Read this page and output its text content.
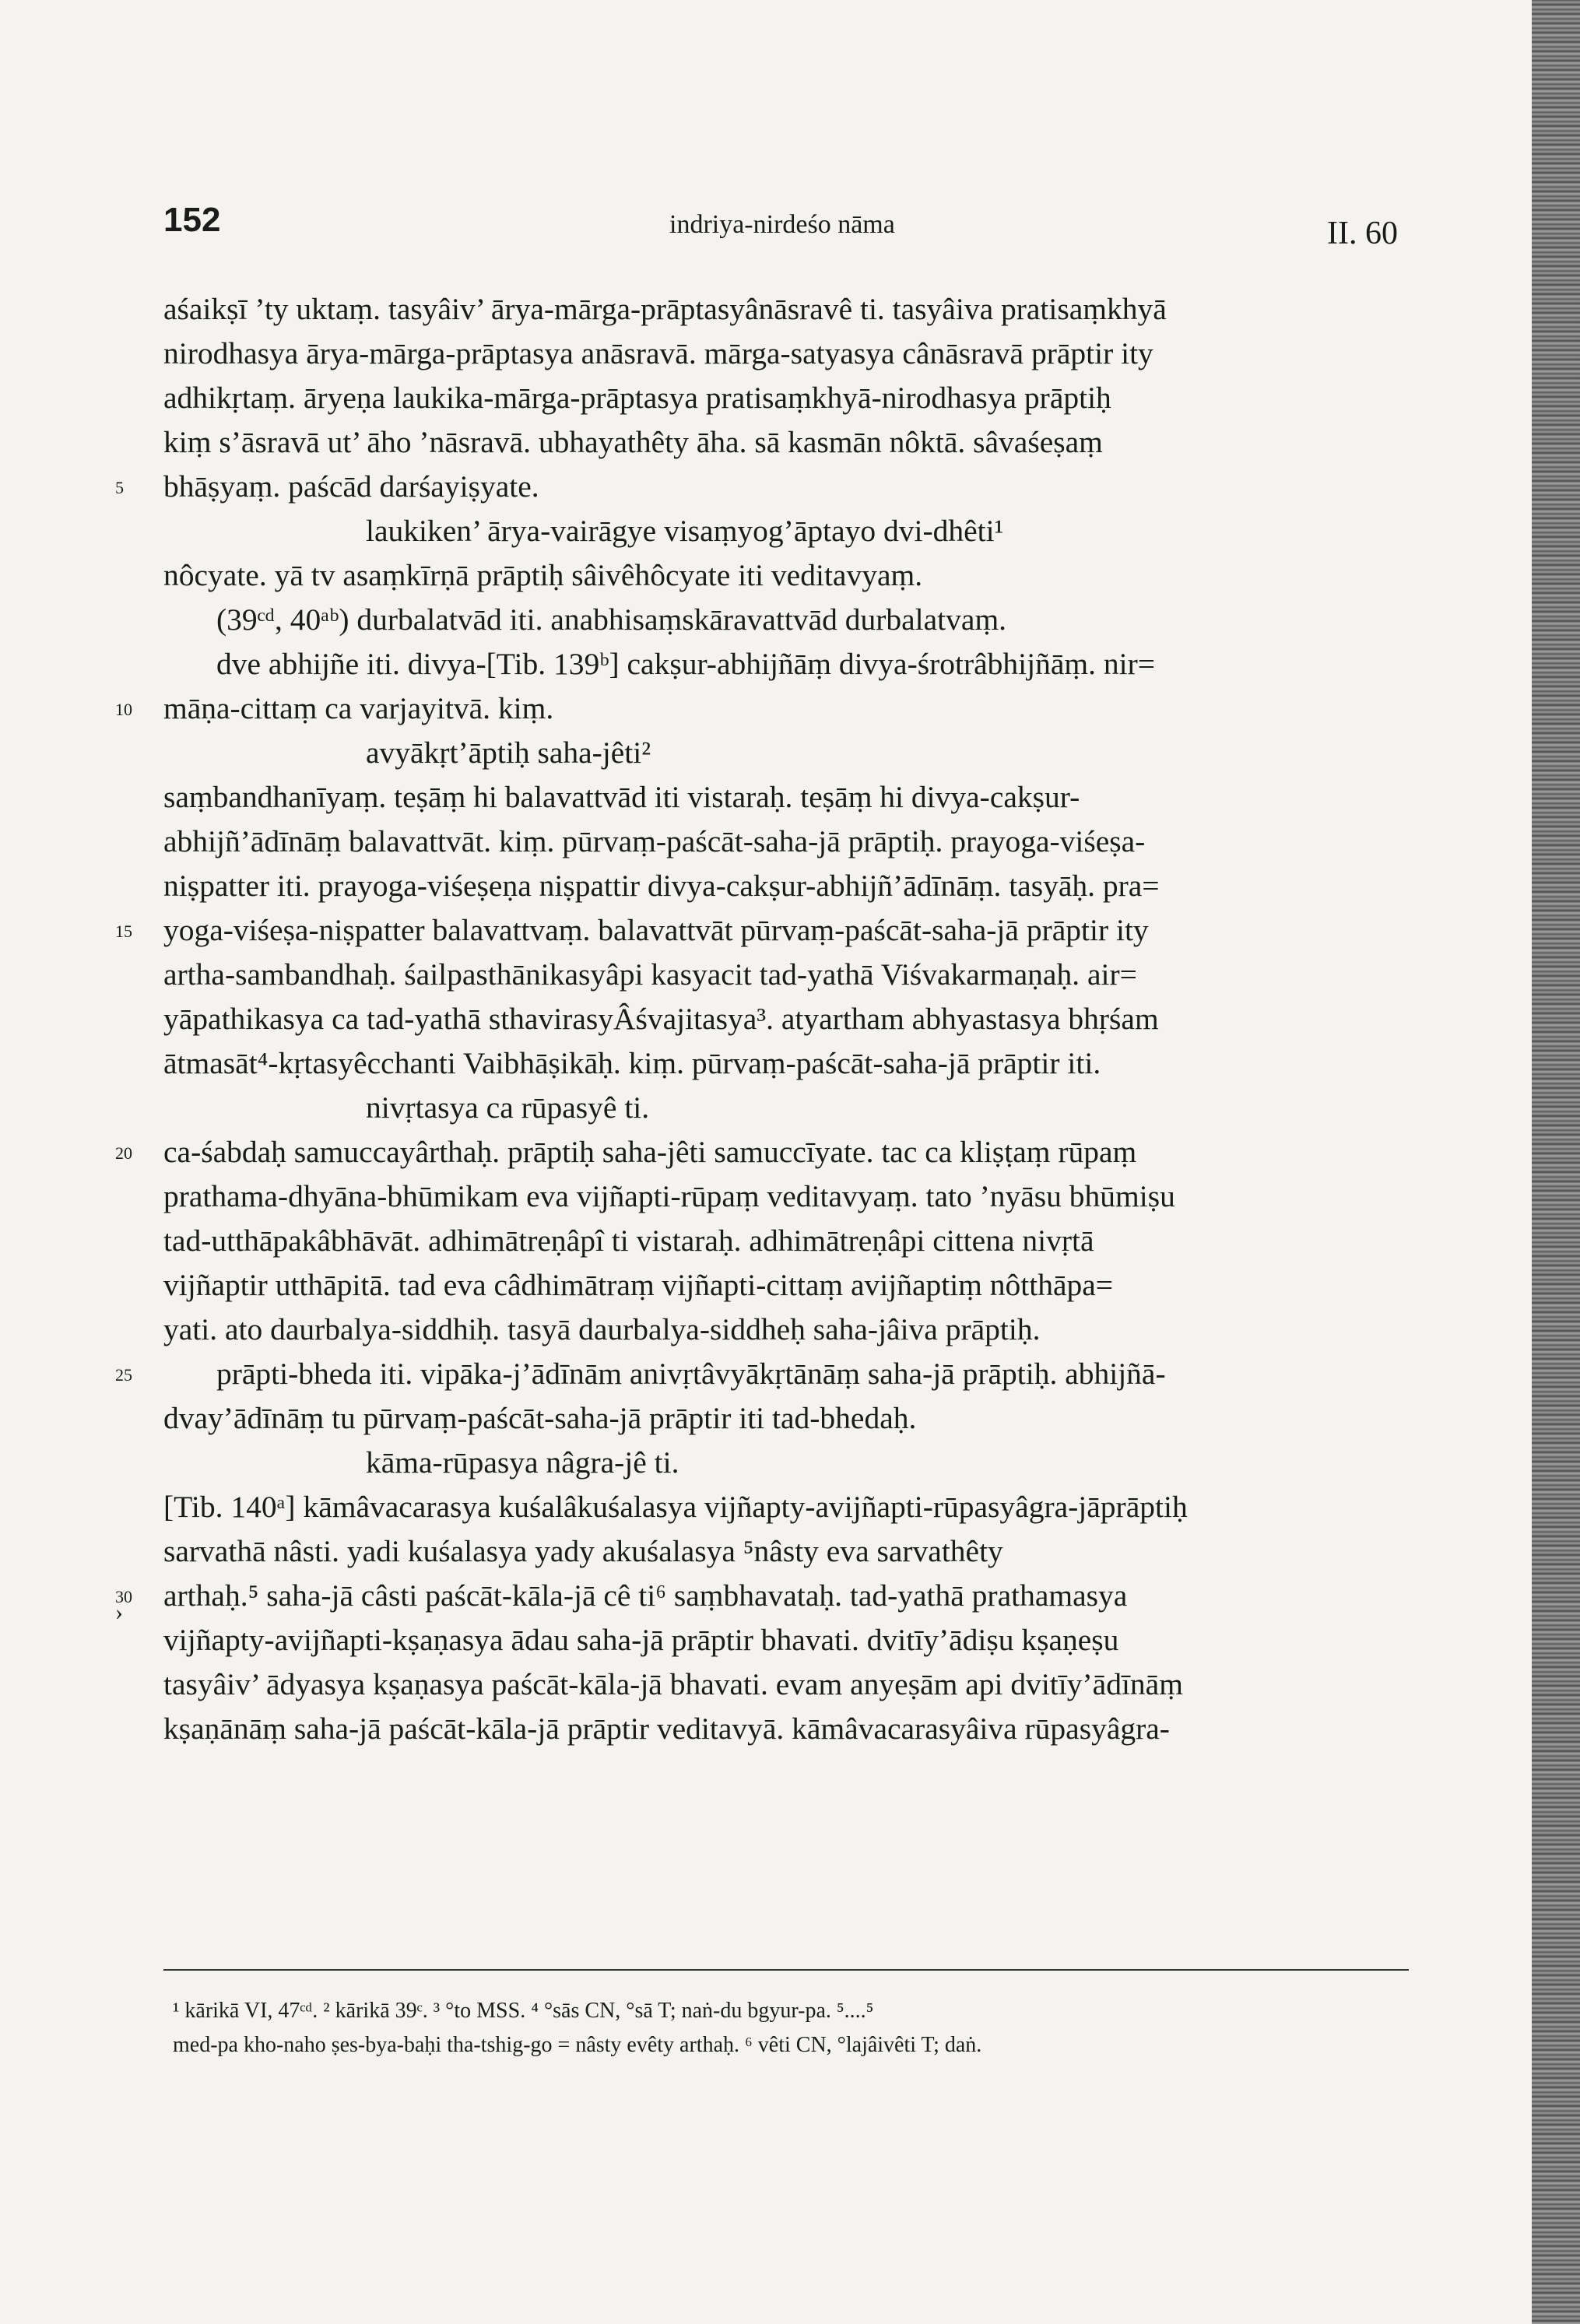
152	indriya-nirdeśo nāma	II. 60
aśaikṣī ’ty uktaṃ. tasyâiv’ ārya-mārga-prāptasyânāsravê ti. tasyâiva pratisaṃkhyā
nirodhasya ārya-mārga-prāptasya anāsravā. mārga-satyasya cânāsravā prāptir ity
adhikṛtaṃ. āryeṇa laukika-mārga-prāptasya pratisaṃkhyā-nirodhasya prāptiḥ
kiṃ s’āsravā ut’ āho ’nāsravā. ubhayathêty āha. sā kasmān nôktā. sâvaśeṣaṃ
bhāṣyaṃ. paścād darśayiṣyate.
laukiken’ ārya-vairāgye visaṃyog’āptayo dvi-dhêti¹
nôcyate. yā tv asaṃkīrṇā prāptiḥ sâivêhôcyate iti veditavyaṃ.
(39ᶜᵈ, 40ᵃᵇ) durbalatvād iti. anabhisaṃskāravattvād durbalatvaṃ.
dve abhijñe iti. divya-[Tib. 139ᵇ] cakṣur-abhijñāṃ divya-śrotrâbhijñāṃ. nir=
māṇa-cittaṃ ca varjayitvā. kiṃ.
avyākṛt’āptiḥ saha-jêti²
saṃbandhanīyaṃ. teṣāṃ hi balavattvād iti vistaraḥ. teṣāṃ hi divya-cakṣur-
abhijñ’ādīnāṃ balavattvāt. kiṃ. pūrvaṃ-paścāt-saha-jā prāptiḥ. prayoga-viśeṣa-
niṣpatter iti. prayoga-viśeṣeṇa niṣpattir divya-cakṣur-abhijñ’ādīnāṃ. tasyāḥ. pra=
yoga-viśeṣa-niṣpatter balavattvaṃ. balavattvāt pūrvaṃ-paścāt-saha-jā prāptir ity
artha-sambandhaḥ. śailpasthānikasyâpi kasyacit tad-yathā Viśvakarmaṇaḥ. air=
yāpathikasya ca tad-yathā sthavirasyÂśvajitasya³. atyartham abhyastasya bhṛśam
ātmasāt⁴-kṛtasyêcchanti Vaibhāṣikāḥ. kiṃ. pūrvaṃ-paścāt-saha-jā prāptir iti.
nivṛtasya ca rūpasyê ti.
ca-śabdaḥ samuccayârthaḥ. prāptiḥ saha-jêti samuccīyate. tac ca kliṣṭaṃ rūpaṃ
prathama-dhyāna-bhūmikam eva vijñapti-rūpaṃ veditavyaṃ. tato ’nyāsu bhūmiṣu
tad-utthāpakâbhāvāt. adhimātreṇâpî ti vistaraḥ. adhimātreṇâpi cittena nivṛtā
vijñaptir utthāpitā. tad eva câdhimātraṃ vijñapti-cittaṃ avijñaptiṃ nôtthāpa=
yati. ato daurbalya-siddhiḥ. tasyā daurbalya-siddheḥ saha-jâiva prāptiḥ.
prāpti-bheda iti. vipāka-j’ādīnām anivṛtâvyākṛtānāṃ saha-jā prāptiḥ. abhijñā-
dvay’ādīnāṃ tu pūrvaṃ-paścāt-saha-jā prāptir iti tad-bhedaḥ.
kāma-rūpasya nâgra-jê ti.
[Tib. 140ᵃ] kāmâvacarasya kuśalâkuśalasya vijñapty-avijñapti-rūpasyâgra-jāprāptiḥ
sarvathā nâsti. yadi kuśalasya yady akuśalasya ⁵nâsty eva sarvathêty
arthaḥ.⁵ saha-jā câsti paścāt-kāla-jā cê ti⁶ saṃbhavataḥ. tad-yathā prathamasya
vijñapty-avijñapti-kṣaṇasya ādau saha-jā prāptir bhavati. dvitīy’ādiṣu kṣaṇeṣu
tasyâiv’ ādyasya kṣaṇasya paścāt-kāla-jā bhavati. evam anyeṣām api dvitīy’ādīnāṃ
kṣaṇānāṃ saha-jā paścāt-kāla-jā prāptir veditavyā. kāmâvacarasyâiva rūpasyâgra-
5
10
15
20
25
30
›
¹ kārikā VI, 47ᶜᵈ. ² kārikā 39ᶜ. ³ °to MSS. ⁴ °sās CN, °sā T; naṅ-du bgyur-pa. ⁵....⁵
med-pa kho-naho ṣes-bya-baḥi tha-tshig-go = nâsty evêty arthaḥ. ⁶ vêti CN, °lajâivêti T; daṅ.
